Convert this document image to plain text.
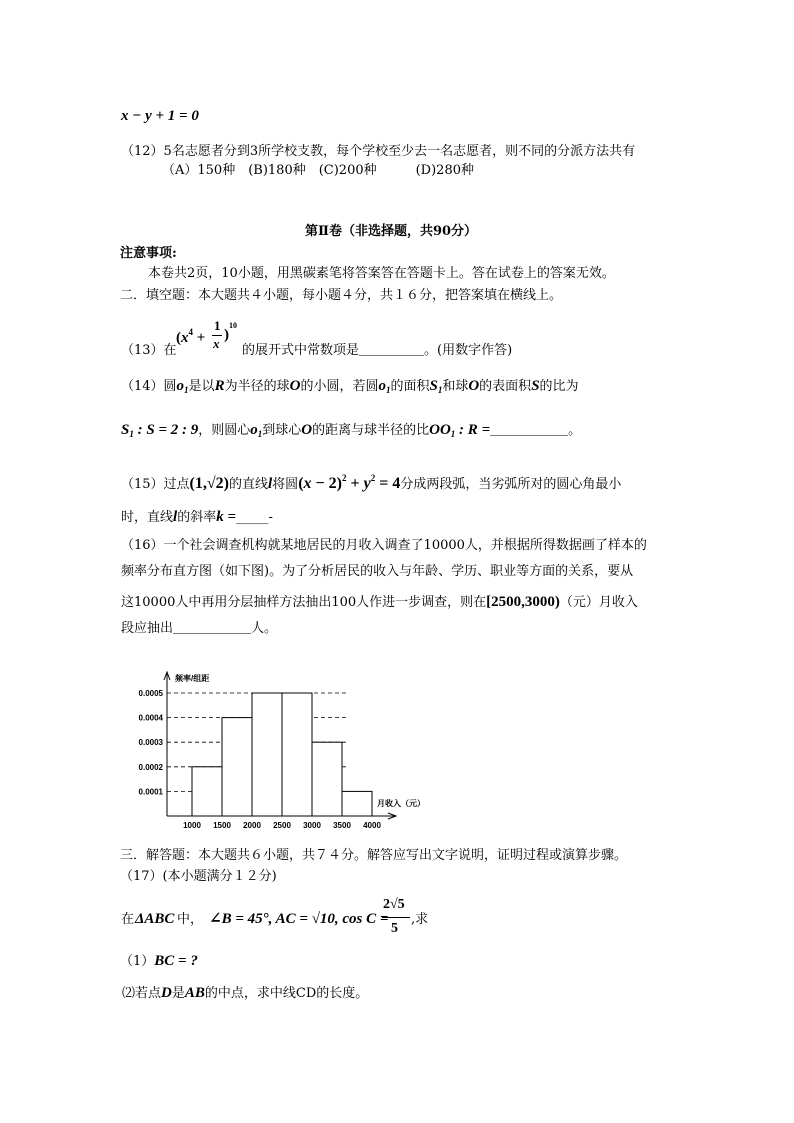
x − y + 1 = 0
（12）5名志愿者分到3所学校支教，每个学校至少去一名志愿者，则不同的分派方法共有
（A）150种　(B)180种　(C)200种　　　(D)280种
第Ⅱ卷（非选择题，共90分）
注意事项:
本卷共2页，10小题，用黑碳素笔将答案答在答题卡上。答在试卷上的答案无效。
二．填空题：本大题共４小题，每小题４分，共１６分，把答案填在横线上。
（13）在
($x^4$ +
1
x
)
10
的展开式中常数项是＿＿＿＿＿。(用数字作答)
（14）圆$o_1$是以R为半径的球O的小圆，若圆$o_1$的面积$S_1$和球O的表面积S的比为
$S_1$ : S = 2 : 9，则圆心$o_1$到球心O的距离与球半径的比$OO_1$ : R =＿＿＿＿＿＿。
（15）过点(1,√2)的直线l将圆$(x - 2)^2 + y^2 = 4$分成两段弧，当劣弧所对的圆心角最小
时，直线l的斜率k =_____-
（16）一个社会调查机构就某地居民的月收入调查了10000人，并根据所得数据画了样本的
频率分布直方图（如下图)。为了分析居民的收入与年龄、学历、职业等方面的关系，要从
这10000人中再用分层抽样方法抽出100人作进一步调查，则在[2500,3000)（元）月收入
段应抽出＿＿＿＿＿＿人。
0.0001
0.0002
0.0003
0.0004
0.0005
频率/组距
月收入（元）
1000 1500 2000 2500 3000 3500 4000
三．解答题：本大题共６小题，共７４分。解答应写出文字说明，证明过程或演算步骤。
（17）(本小题满分１２分)
在 ΔABC 中， ∠B = 45°, AC = √10, cos C =
2√5
5
,求
（1）BC = ?
⑵若点D是AB的中点，求中线CD的长度。
